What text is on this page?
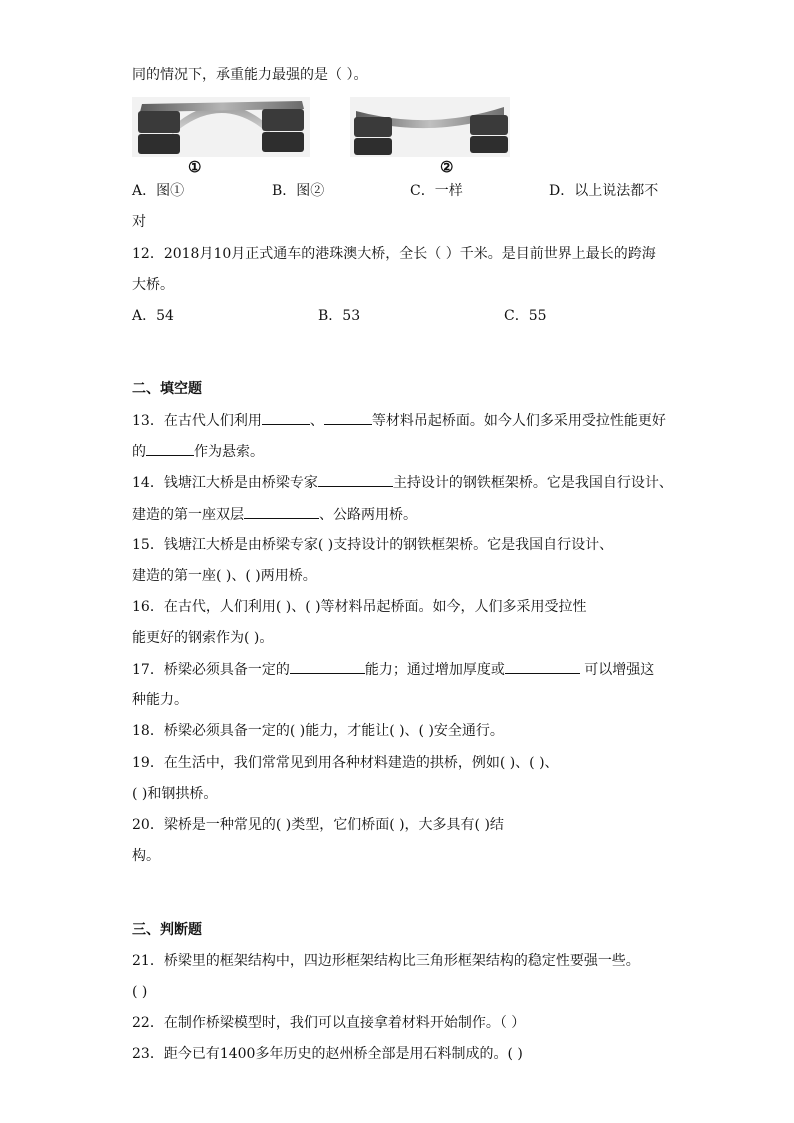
同的情况下，承重能力最强的是（ ）。
①	②
A．图①	B．图②	C．一样	D．以上说法都不
对
12．2018月10月正式通车的港珠澳大桥，全长（ ）千米。是目前世界上最长的跨海
大桥。
A．54	B．53	C．55
二、填空题
13．在古代人们利用	、	等材料吊起桥面。如今人们多采用受拉性能更好
的	作为悬索。
14．钱塘江大桥是由桥梁专家	主持设计的钢铁框架桥。它是我国自行设计、
建造的第一座双层	、公路两用桥。
15．钱塘江大桥是由桥梁专家( )支持设计的钢铁框架桥。它是我国自行设计、
建造的第一座( )、( )两用桥。
16．在古代，人们利用( )、( )等材料吊起桥面。如今，人们多采用受拉性
能更好的钢索作为( )。
17．桥梁必须具备一定的	能力；通过增加厚度或	可以增强这
种能力。
18．桥梁必须具备一定的( )能力，才能让( )、( )安全通行。
19．在生活中，我们常常见到用各种材料建造的拱桥，例如( )、( )、
( )和钢拱桥。
20．梁桥是一种常见的( )类型，它们桥面( )，大多具有( )结
构。
三、判断题
21．桥梁里的框架结构中，四边形框架结构比三角形框架结构的稳定性要强一些。
( )
22．在制作桥梁模型时，我们可以直接拿着材料开始制作。（ ）
23．距今已有1400多年历史的赵州桥全部是用石料制成的。( )
